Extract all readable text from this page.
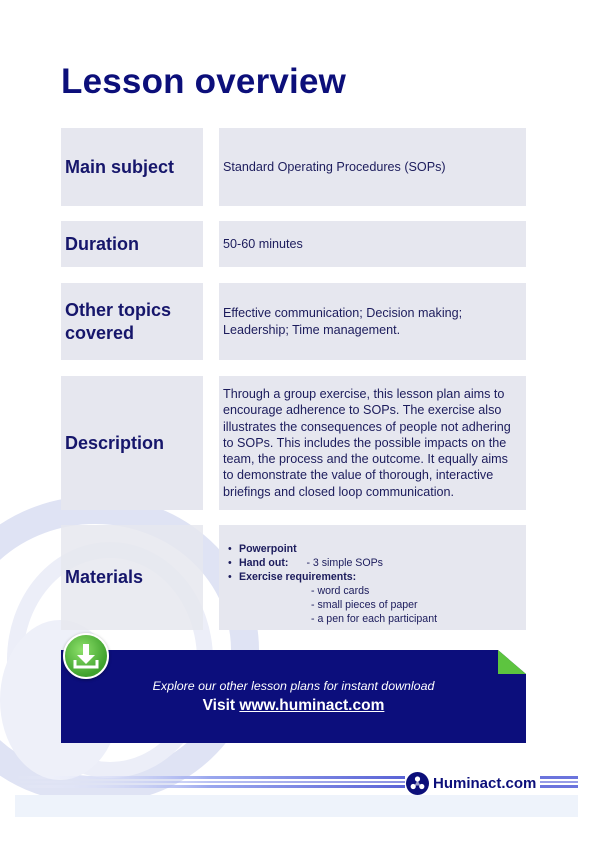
Lesson overview
Main subject	Standard Operating Procedures (SOPs)
Duration	50-60 minutes
Other topics covered
Effective communication; Decision making; Leadership; Time management.
Description
Through a group exercise, this lesson plan aims to encourage adherence to SOPs. The exercise also illustrates the consequences of people not adhering to SOPs. This includes the possible impacts on the team, the process and the outcome. It equally aims to demonstrate the value of thorough, interactive briefings and closed loop communication.
Materials
• Powerpoint
• Hand out: - 3 simple SOPs
• Exercise requirements:
- word cards
- small pieces of paper
- a pen for each participant
Explore our other lesson plans for instant download
Visit www.huminact.com
Huminact.com
